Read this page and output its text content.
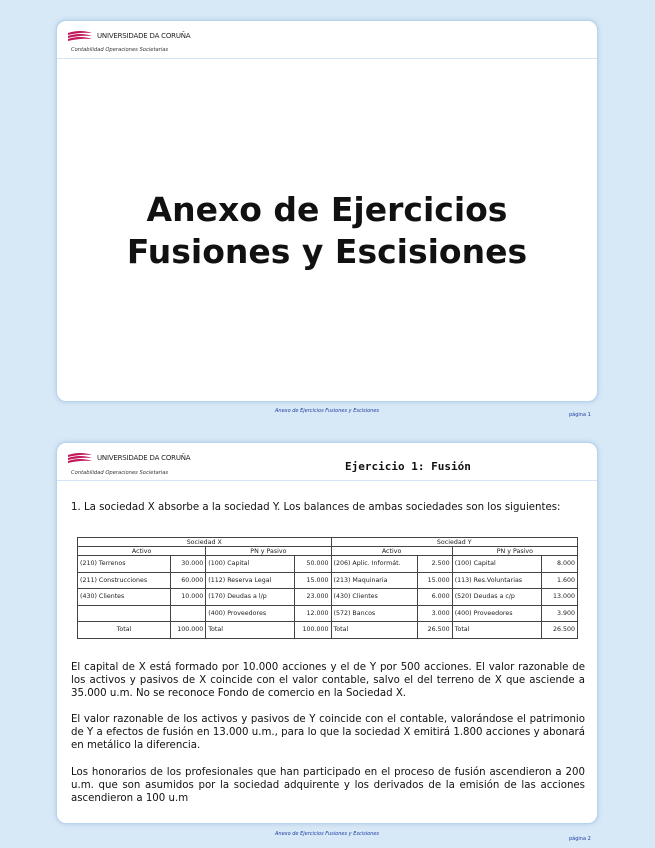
UNIVERSIDADE DA CORUÑA
Contabilidad Operaciones Societarias
Anexo de Ejercicios
Fusiones y Escisiones
Anexo de Ejercicios Fusiones y Escisiones
página 1
UNIVERSIDADE DA CORUÑA
Contabilidad Operaciones Societarias	Ejercicio 1: Fusión
1. La sociedad X absorbe a la sociedad Y. Los balances de ambas sociedades son los siguientes:
Sociedad X				Sociedad Y			
Activo		PN y Pasivo		Activo		PN y Pasivo	
(210) Terrenos	30.000	(100) Capital	50.000	(206) Aplic. Informát.	2.500	(100) Capital	8.000
(211) Construcciones	60.000	(112) Reserva Legal	15.000	(213) Maquinaria	15.000	(113) Res.Voluntarias	1.600
(430) Clientes	10.000	(170) Deudas a l/p	23.000	(430) Clientes	6.000	(520) Deudas a c/p	13.000
		(400) Proveedores	12.000	(572) Bancos	3.000	(400) Proveedores	3.900
Total	100.000	Total	100.000	Total	26.500	Total	26.500
El capital de X está formado por 10.000 acciones y el de Y por 500 acciones. El valor razonable de los activos y pasivos de X coincide con el valor contable, salvo el del terreno de X que asciende a 35.000 u.m. No se reconoce Fondo de comercio en la Sociedad X.
El valor razonable de los activos y pasivos de Y coincide con el contable, valorándose el patrimonio de Y a efectos de fusión en 13.000 u.m., para lo que la sociedad X emitirá 1.800 acciones y abonará en metálico la diferencia.
Los honorarios de los profesionales que han participado en el proceso de fusión ascendieron a 200 u.m. que son asumidos por la sociedad adquirente y los derivados de la emisión de las acciones ascendieron a 100 u.m
Anexo de Ejercicios Fusiones y Escisiones
página 2
